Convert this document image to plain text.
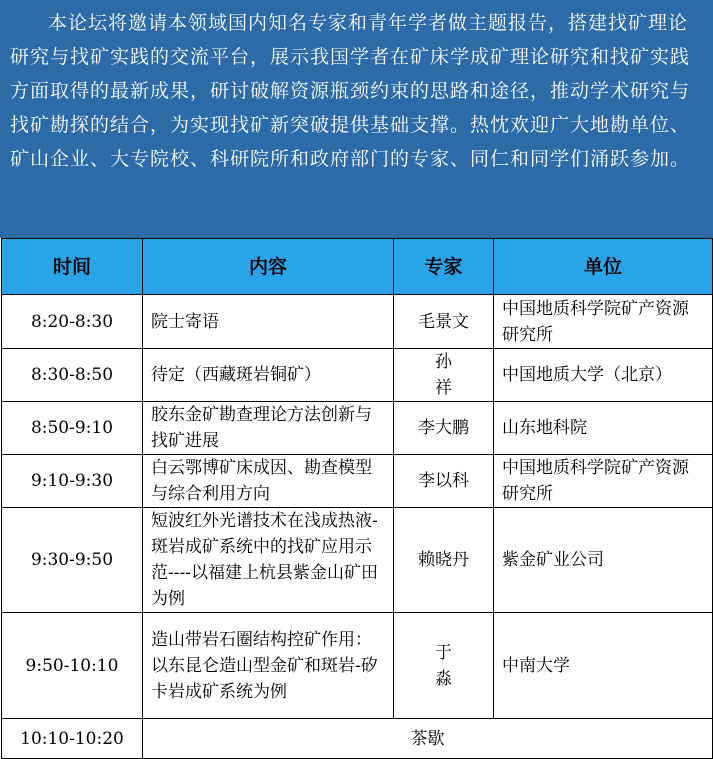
本论坛将邀请本领域国内知名专家和青年学者做主题报告，搭建找矿理论研究与找矿实践的交流平台，展示我国学者在矿床学成矿理论研究和找矿实践方面取得的最新成果，研讨破解资源瓶颈约束的思路和途径，推动学术研究与找矿勘探的结合，为实现找矿新突破提供基础支撑。热忱欢迎广大地勘单位、矿山企业、大专院校、科研院所和政府部门的专家、同仁和同学们涌跃参加。

时间	内容	专家	单位
8:20-8:30	院士寄语	毛景文	中国地质科学院矿产资源研究所
8:30-8:50	待定（西藏斑岩铜矿）	孙祥	中国地质大学（北京）
8:50-9:10	胶东金矿勘查理论方法创新与找矿进展	李大鹏	山东地科院
9:10-9:30	白云鄂博矿床成因、勘查模型与综合利用方向	李以科	中国地质科学院矿产资源研究所
9:30-9:50	短波红外光谱技术在浅成热液-斑岩成矿系统中的找矿应用示范----以福建上杭县紫金山矿田为例	赖晓丹	紫金矿业公司
9:50-10:10	造山带岩石圈结构控矿作用：以东昆仑造山型金矿和斑岩-矽卡岩成矿系统为例	于淼	中南大学
10:10-10:20	茶歇		
